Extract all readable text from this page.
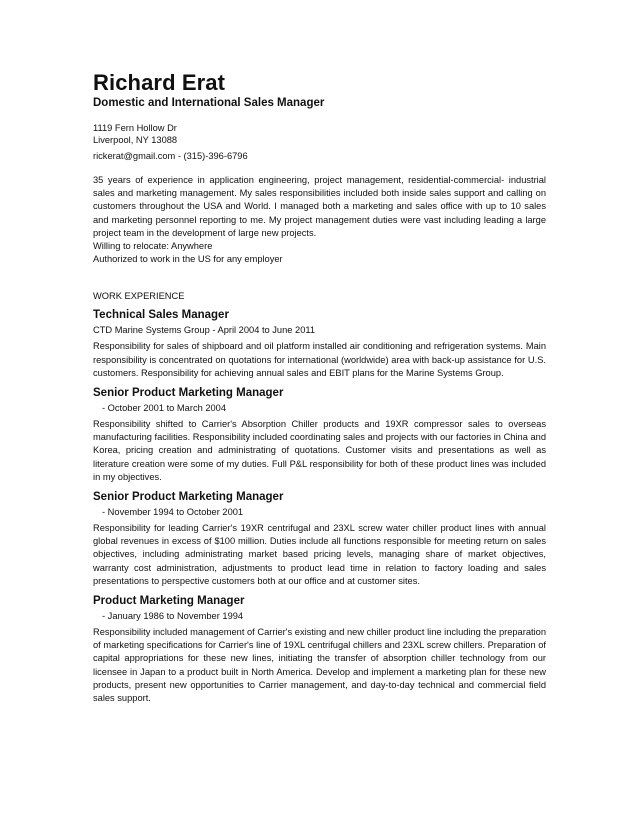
Richard Erat

Domestic and International Sales Manager

1119 Fern Hollow Dr

Liverpool, NY 13088

rickerat@gmail.com - (315)-396-6796

35 years of experience in application engineering, project management, residential-commercial- industrial sales and marketing management. My sales responsibilities included both inside sales support and calling on customers throughout the USA and World. I managed both a marketing and sales office with up to 10 sales and marketing personnel reporting to me. My project management duties were vast including leading a large project team in the development of large new projects.

Willing to relocate: Anywhere

Authorized to work in the US for any employer

WORK EXPERIENCE
Technical Sales Manager
CTD Marine Systems Group - April 2004 to June 2011

Responsibility for sales of shipboard and oil platform installed air conditioning and refrigeration systems. Main responsibility is concentrated on quotations for international (worldwide) area with back-up assistance for U.S. customers. Responsibility for achieving annual sales and EBIT plans for the Marine Systems Group.

Senior Product Marketing Manager
- October 2001 to March 2004

Responsibility shifted to Carrier's Absorption Chiller products and 19XR compressor sales to overseas manufacturing facilities. Responsibility included coordinating sales and projects with our factories in China and Korea, pricing creation and administrating of quotations. Customer visits and presentations as well as literature creation were some of my duties. Full P&L responsibility for both of these product lines was included in my objectives.

Senior Product Marketing Manager
- November 1994 to October 2001

Responsibility for leading Carrier's 19XR centrifugal and 23XL screw water chiller product lines with annual global revenues in excess of $100 million. Duties include all functions responsible for meeting return on sales objectives, including administrating market based pricing levels, managing share of market objectives, warranty cost administration, adjustments to product lead time in relation to factory loading and sales presentations to perspective customers both at our office and at customer sites.

Product Marketing Manager
- January 1986 to November 1994

Responsibility included management of Carrier's existing and new chiller product line including the preparation of marketing specifications for Carrier's line of 19XL centrifugal chillers and 23XL screw chillers. Preparation of capital appropriations for these new lines, initiating the transfer of absorption chiller technology from our licensee in Japan to a product built in North America. Develop and implement a marketing plan for these new products, present new opportunities to Carrier management, and day-to-day technical and commercial field sales support.
